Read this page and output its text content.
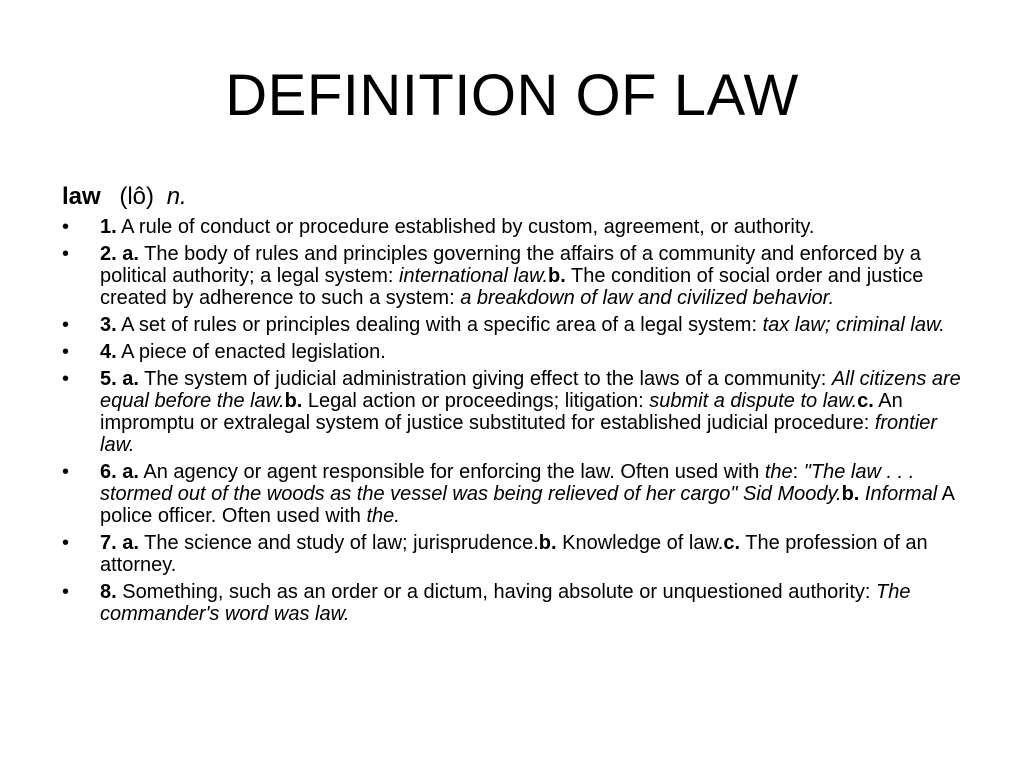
DEFINITION OF LAW
law (lô) n.
• 1. A rule of conduct or procedure established by custom, agreement, or authority.
• 2. a. The body of rules and principles governing the affairs of a community and enforced by a political authority; a legal system: international law.b. The condition of social order and justice created by adherence to such a system: a breakdown of law and civilized behavior.
• 3. A set of rules or principles dealing with a specific area of a legal system: tax law; criminal law.
• 4. A piece of enacted legislation.
• 5. a. The system of judicial administration giving effect to the laws of a community: All citizens are equal before the law.b. Legal action or proceedings; litigation: submit a dispute to law.c. An impromptu or extralegal system of justice substituted for established judicial procedure: frontier law.
• 6. a. An agency or agent responsible for enforcing the law. Often used with the: "The law . . . stormed out of the woods as the vessel was being relieved of her cargo" Sid Moody.b. Informal A police officer. Often used with the.
• 7. a. The science and study of law; jurisprudence.b. Knowledge of law.c. The profession of an attorney.
• 8. Something, such as an order or a dictum, having absolute or unquestioned authority: The commander's word was law.
